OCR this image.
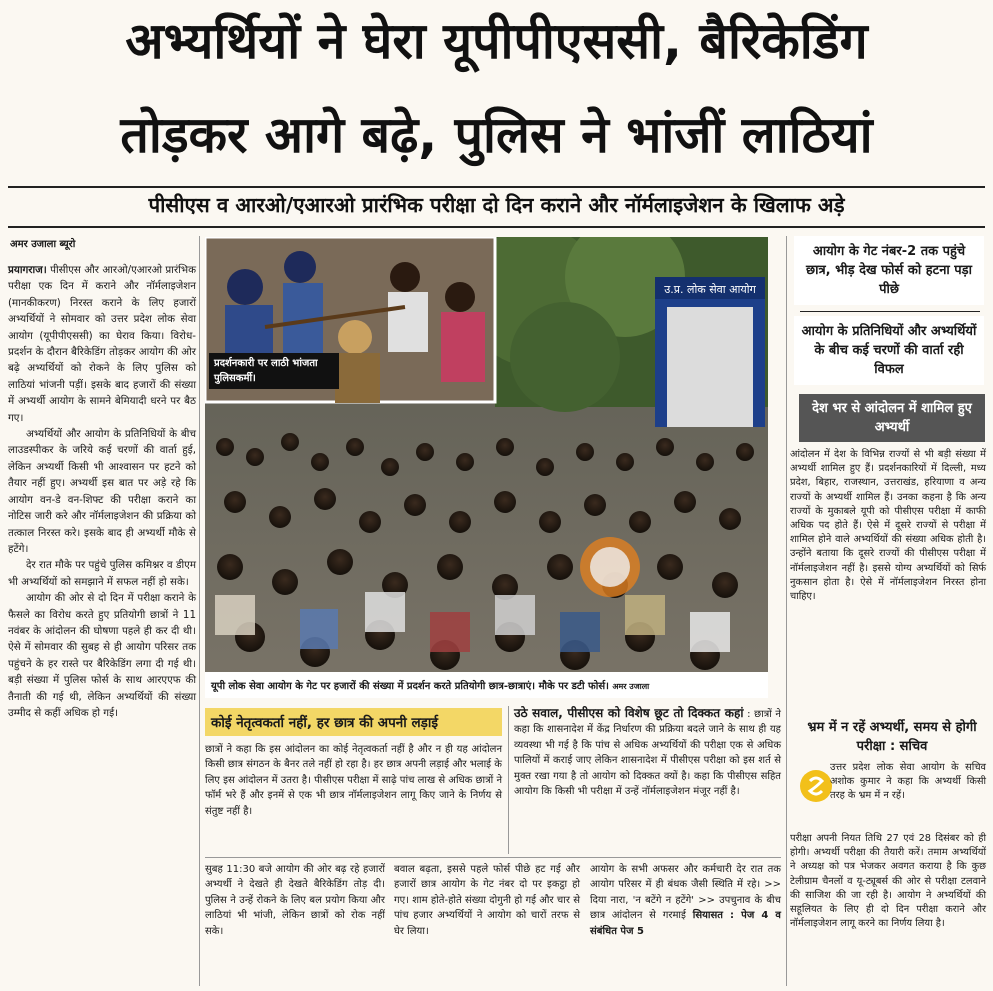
अभ्यर्थियों ने घेरा यूपीपीएससी, बैरिकेडिंग
तोड़कर आगे बढ़े, पुलिस ने भांजीं लाठियां
पीसीएस व आरओ/एआरओ प्रारंभिक परीक्षा दो दिन कराने और नॉर्मलाइजेशन के खिलाफ अड़े
अमर उजाला ब्यूरो

प्रयागराज। पीसीएस और आरओ/एआरओ प्रारंभिक परीक्षा एक दिन में कराने और नॉर्मलाइजेशन (मानकीकरण) निरस्त कराने के लिए हजारों अभ्यर्थियों ने सोमवार को उत्तर प्रदेश लोक सेवा आयोग (यूपीपीएससी) का घेराव किया। विरोध-प्रदर्शन के दौरान बैरिकेडिंग तोड़कर आयोग की ओर बढ़े अभ्यर्थियों को रोकने के लिए पुलिस को लाठियां भांजनी पड़ीं। इसके बाद हजारों की संख्या में अभ्यर्थी आयोग के सामने बेमियादी धरने पर बैठ गए।

अभ्यर्थियों और आयोग के प्रतिनिधियों के बीच लाउडस्पीकर के जरिये कई चरणों की वार्ता हुई, लेकिन अभ्यर्थी किसी भी आश्वासन पर हटने को तैयार नहीं हुए। अभ्यर्थी इस बात पर अड़े रहे कि आयोग वन-डे वन-शिफ्ट की परीक्षा कराने का नोटिस जारी करे और नॉर्मलाइजेशन की प्रक्रिया को तत्काल निरस्त करे। इसके बाद ही अभ्यर्थी मौके से हटेंगे।

देर रात मौके पर पहुंचे पुलिस कमिश्नर व डीएम भी अभ्यर्थियों को समझाने में सफल नहीं हो सके।

आयोग की ओर से दो दिन में परीक्षा कराने के फैसले का विरोध करते हुए प्रतियोगी छात्रों ने 11 नवंबर के आंदोलन की घोषणा पहले ही कर दी थी। ऐसे में सोमवार की सुबह से ही आयोग परिसर तक पहुंचने के हर रास्ते पर बैरिकेडिंग लगा दी गई थी। बड़ी संख्या में पुलिस फोर्स के साथ आरएएफ की तैनाती की गई थी, लेकिन अभ्यर्थियों की संख्या उम्मीद से कहीं अधिक हो गई।

उ.प्र. लोक सेवा आयोग
प्रदर्शनकारी पर लाठी भांजता पुलिसकर्मी।
यूपी लोक सेवा आयोग के गेट पर हजारों की संख्या में प्रदर्शन करते प्रतियोगी छात्र-छात्राएं। मौके पर डटी फोर्स। अमर उजाला
आयोग के गेट नंबर-2 तक पहुंचे छात्र, भीड़ देख फोर्स को हटना पड़ा पीछे
आयोग के प्रतिनिधियों और अभ्यर्थियों के बीच कई चरणों की वार्ता रही विफल
देश भर से आंदोलन में शामिल हुए अभ्यर्थी
आंदोलन में देश के विभिन्न राज्यों से भी बड़ी संख्या में अभ्यर्थी शामिल हुए हैं। प्रदर्शनकारियों में दिल्ली, मध्य प्रदेश, बिहार, राजस्थान, उत्तराखंड, हरियाणा व अन्य राज्यों के अभ्यर्थी शामिल हैं। उनका कहना है कि अन्य राज्यों के मुकाबले यूपी को पीसीएस परीक्षा में काफी अधिक पद होते हैं। ऐसे में दूसरे राज्यों से परीक्षा में शामिल होने वाले अभ्यर्थियों की संख्या अधिक होती है। उन्होंने बताया कि दूसरे राज्यों की पीसीएस परीक्षा में नॉर्मलाइजेशन नहीं है। इससे योग्य अभ्यर्थियों को सिर्फ नुकसान होता है। ऐसे में नॉर्मलाइजेशन निरस्त होना चाहिए।
भ्रम में न रहें अभ्यर्थी, समय से होगी परीक्षा : सचिव
उत्तर प्रदेश लोक सेवा आयोग के सचिव अशोक कुमार ने कहा कि अभ्यर्थी किसी तरह के भ्रम में न रहें।
परीक्षा अपनी नियत तिथि 27 एवं 28 दिसंबर को ही होगी। अभ्यर्थी परीक्षा की तैयारी करें। तमाम अभ्यर्थियों ने अध्यक्ष को पत्र भेजकर अवगत कराया है कि कुछ टेलीग्राम चैनलों व यू-ट्यूबर्स की ओर से परीक्षा टलवाने की साजिश की जा रही है। आयोग ने अभ्यर्थियों की सहूलियत के लिए ही दो दिन परीक्षा कराने और नॉर्मलाइजेशन लागू करने का निर्णय लिया है।
कोई नेतृत्वकर्ता नहीं, हर छात्र की अपनी लड़ाई
छात्रों ने कहा कि इस आंदोलन का कोई नेतृत्वकर्ता नहीं है और न ही यह आंदोलन किसी छात्र संगठन के बैनर तले नहीं हो रहा है। हर छात्र अपनी लड़ाई और भलाई के लिए इस आंदोलन में उतरा है। पीसीएस परीक्षा में साढ़े पांच लाख से अधिक छात्रों ने फॉर्म भरे हैं और इनमें से एक भी छात्र नॉर्मलाइजेशन लागू किए जाने के निर्णय से संतुष्ट नहीं है।
उठे सवाल, पीसीएस को विशेष छूट तो दिक्कत कहां : छात्रों ने कहा कि शासनादेश में केंद्र निर्धारण की प्रक्रिया बदले जाने के साथ ही यह व्यवस्था भी गई है कि पांच से अधिक अभ्यर्थियों की परीक्षा एक से अधिक पालियों में कराई जाए लेकिन शासनादेश में पीसीएस परीक्षा को इस शर्त से मुक्त रखा गया है तो आयोग को दिक्कत क्यों है। कहा कि पीसीएस सहित आयोग कि किसी भी परीक्षा में उन्हें नॉर्मलाइजेशन मंजूर नहीं है।
सुबह 11:30 बजे आयोग की ओर बढ़ रहे हजारों अभ्यर्थी ने देखते ही देखते बैरिकेडिंग तोड़ दी। पुलिस ने उन्हें रोकने के लिए बल प्रयोग किया और लाठियां भी भांजी, लेकिन छात्रों को रोक नहीं सके।
बवाल बढ़ता, इससे पहले फोर्स पीछे हट गई और हजारों छात्र आयोग के गेट नंबर दो पर इकट्ठा हो गए। शाम होते-होते संख्या दोगुनी हो गई और चार से पांच हजार अभ्यर्थियों ने आयोग को चारों तरफ से घेर लिया।
आयोग के सभी अफसर और कर्मचारी देर रात तक आयोग परिसर में ही बंधक जैसी स्थिति में रहे। >> दिया नारा, 'न बटेंगे न हटेंगे' >> उपचुनाव के बीच छात्र आंदोलन से गरमाई सियासत : पेज 4 व संबंधित पेज 5
